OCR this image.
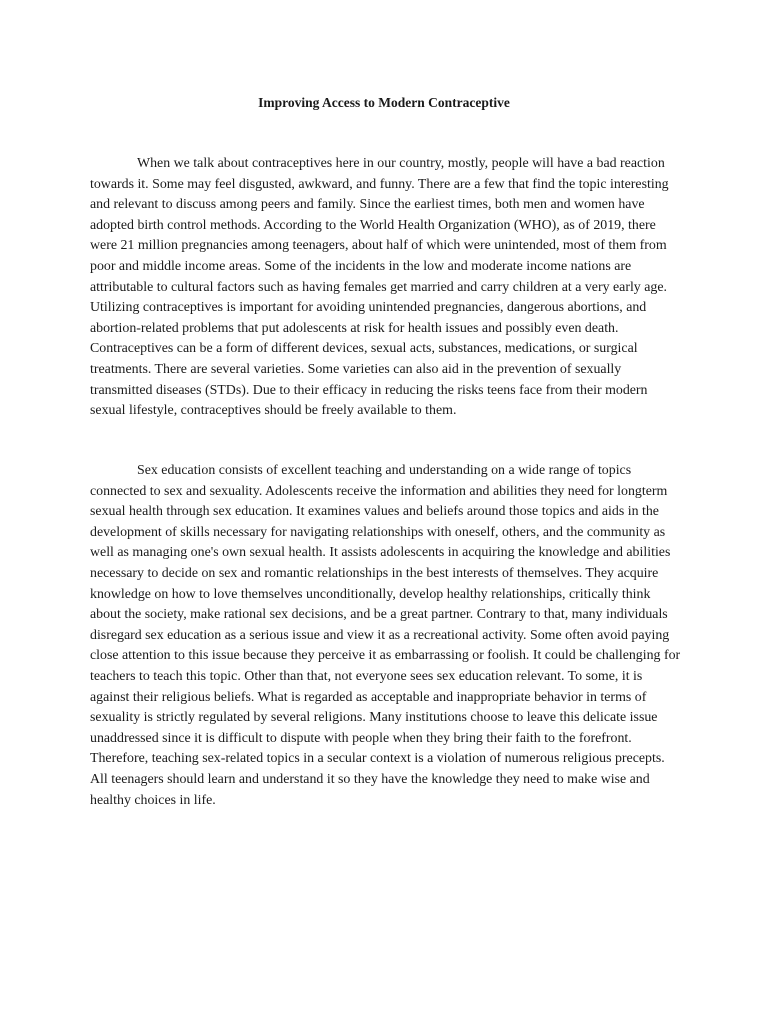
Improving Access to Modern Contraceptive

When we talk about contraceptives here in our country, mostly, people will have a bad reaction towards it. Some may feel disgusted, awkward, and funny. There are a few that find the topic interesting and relevant to discuss among peers and family. Since the earliest times, both men and women have adopted birth control methods. According to the World Health Organization (WHO), as of 2019, there were 21 million pregnancies among teenagers, about half of which were unintended, most of them from poor and middle income areas. Some of the incidents in the low and moderate income nations are attributable to cultural factors such as having females get married and carry children at a very early age. Utilizing contraceptives is important for avoiding unintended pregnancies, dangerous abortions, and abortion-related problems that put adolescents at risk for health issues and possibly even death. Contraceptives can be a form of different devices, sexual acts, substances, medications, or surgical treatments. There are several varieties. Some varieties can also aid in the prevention of sexually transmitted diseases (STDs). Due to their efficacy in reducing the risks teens face from their modern sexual lifestyle, contraceptives should be freely available to them.

Sex education consists of excellent teaching and understanding on a wide range of topics connected to sex and sexuality. Adolescents receive the information and abilities they need for longterm sexual health through sex education. It examines values and beliefs around those topics and aids in the development of skills necessary for navigating relationships with oneself, others, and the community as well as managing one's own sexual health. It assists adolescents in acquiring the knowledge and abilities necessary to decide on sex and romantic relationships in the best interests of themselves. They acquire knowledge on how to love themselves unconditionally, develop healthy relationships, critically think about the society, make rational sex decisions, and be a great partner. Contrary to that, many individuals disregard sex education as a serious issue and view it as a recreational activity. Some often avoid paying close attention to this issue because they perceive it as embarrassing or foolish. It could be challenging for teachers to teach this topic. Other than that, not everyone sees sex education relevant. To some, it is against their religious beliefs. What is regarded as acceptable and inappropriate behavior in terms of sexuality is strictly regulated by several religions. Many institutions choose to leave this delicate issue unaddressed since it is difficult to dispute with people when they bring their faith to the forefront. Therefore, teaching sex-related topics in a secular context is a violation of numerous religious precepts. All teenagers should learn and understand it so they have the knowledge they need to make wise and healthy choices in life.
